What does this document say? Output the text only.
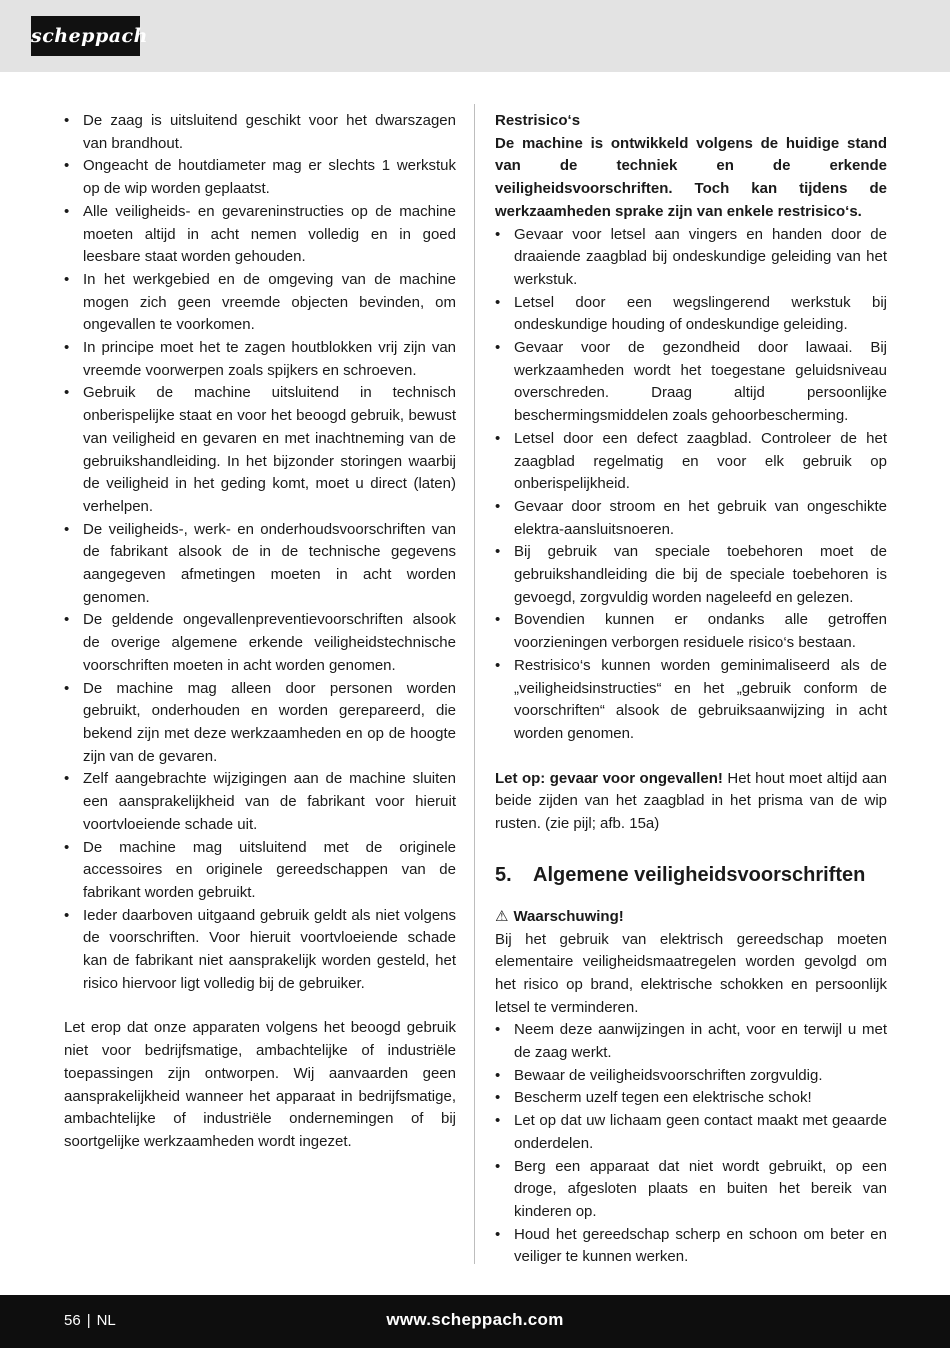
scheppach
• De zaag is uitsluitend geschikt voor het dwarszagen van brandhout.
• Ongeacht de houtdiameter mag er slechts 1 werkstuk op de wip worden geplaatst.
• Alle veiligheids- en gevareninstructies op de machine moeten altijd in acht nemen volledig en in goed leesbare staat worden gehouden.
• In het werkgebied en de omgeving van de machine mogen zich geen vreemde objecten bevinden, om ongevallen te voorkomen.
• In principe moet het te zagen houtblokken vrij zijn van vreemde voorwerpen zoals spijkers en schroeven.
• Gebruik de machine uitsluitend in technisch onberispelijke staat en voor het beoogd gebruik, bewust van veiligheid en gevaren en met inachtneming van de gebruikshandleiding. In het bijzonder storingen waarbij de veiligheid in het geding komt, moet u direct (laten) verhelpen.
• De veiligheids-, werk- en onderhoudsvoorschriften van de fabrikant alsook de in de technische gegevens aangegeven afmetingen moeten in acht worden genomen.
• De geldende ongevallenpreventievoorschriften alsook de overige algemene erkende veiligheidstechnische voorschriften moeten in acht worden genomen.
• De machine mag alleen door personen worden gebruikt, onderhouden en worden gerepareerd, die bekend zijn met deze werkzaamheden en op de hoogte zijn van de gevaren.
• Zelf aangebrachte wijzigingen aan de machine sluiten een aansprakelijkheid van de fabrikant voor hieruit voortvloeiende schade uit.
• De machine mag uitsluitend met de originele accessoires en originele gereedschappen van de fabrikant worden gebruikt.
• Ieder daarboven uitgaand gebruik geldt als niet volgens de voorschriften. Voor hieruit voortvloeiende schade kan de fabrikant niet aansprakelijk worden gesteld, het risico hiervoor ligt volledig bij de gebruiker.

Let erop dat onze apparaten volgens het beoogd gebruik niet voor bedrijfsmatige, ambachtelijke of industriële toepassingen zijn ontworpen. Wij aanvaarden geen aansprakelijkheid wanneer het apparaat in bedrijfsmatige, ambachtelijke of industriële ondernemingen of bij soortgelijke werkzaamheden wordt ingezet.

Restrisico‘s

De machine is ontwikkeld volgens de huidige stand van de techniek en de erkende veiligheidsvoorschriften. Toch kan tijdens de werkzaamheden sprake zijn van enkele restrisico‘s.

• Gevaar voor letsel aan vingers en handen door de draaiende zaagblad bij ondeskundige geleiding van het werkstuk.
• Letsel door een wegslingerend werkstuk bij ondeskundige houding of ondeskundige geleiding.
• Gevaar voor de gezondheid door lawaai. Bij werkzaamheden wordt het toegestane geluidsniveau overschreden. Draag altijd persoonlijke beschermingsmiddelen zoals gehoorbescherming.
• Letsel door een defect zaagblad. Controleer de het zaagblad regelmatig en voor elk gebruik op onberispelijkheid.
• Gevaar door stroom en het gebruik van ongeschikte elektra-aansluitsnoeren.
• Bij gebruik van speciale toebehoren moet de gebruikshandleiding die bij de speciale toebehoren is gevoegd, zorgvuldig worden nageleefd en gelezen.
• Bovendien kunnen er ondanks alle getroffen voorzieningen verborgen residuele risico‘s bestaan.
• Restrisico‘s kunnen worden geminimaliseerd als de „veiligheidsinstructies“ en het „gebruik conform de voorschriften“ alsook de gebruiksaanwijzing in acht worden genomen.

Let op: gevaar voor ongevallen! Het hout moet altijd aan beide zijden van het zaagblad in het prisma van de wip rusten. (zie pijl; afb. 15a)

5. Algemene veiligheidsvoorschriften

⚠ Waarschuwing!

Bij het gebruik van elektrisch gereedschap moeten elementaire veiligheidsmaatregelen worden gevolgd om het risico op brand, elektrische schokken en persoonlijk letsel te verminderen.

• Neem deze aanwijzingen in acht, voor en terwijl u met de zaag werkt.
• Bewaar de veiligheidsvoorschriften zorgvuldig.
• Bescherm uzelf tegen een elektrische schok!
• Let op dat uw lichaam geen contact maakt met geaarde onderdelen.
• Berg een apparaat dat niet wordt gebruikt, op een droge, afgesloten plaats en buiten het bereik van kinderen op.
• Houd het gereedschap scherp en schoon om beter en veiliger te kunnen werken.
56 | NL	www.scheppach.com
